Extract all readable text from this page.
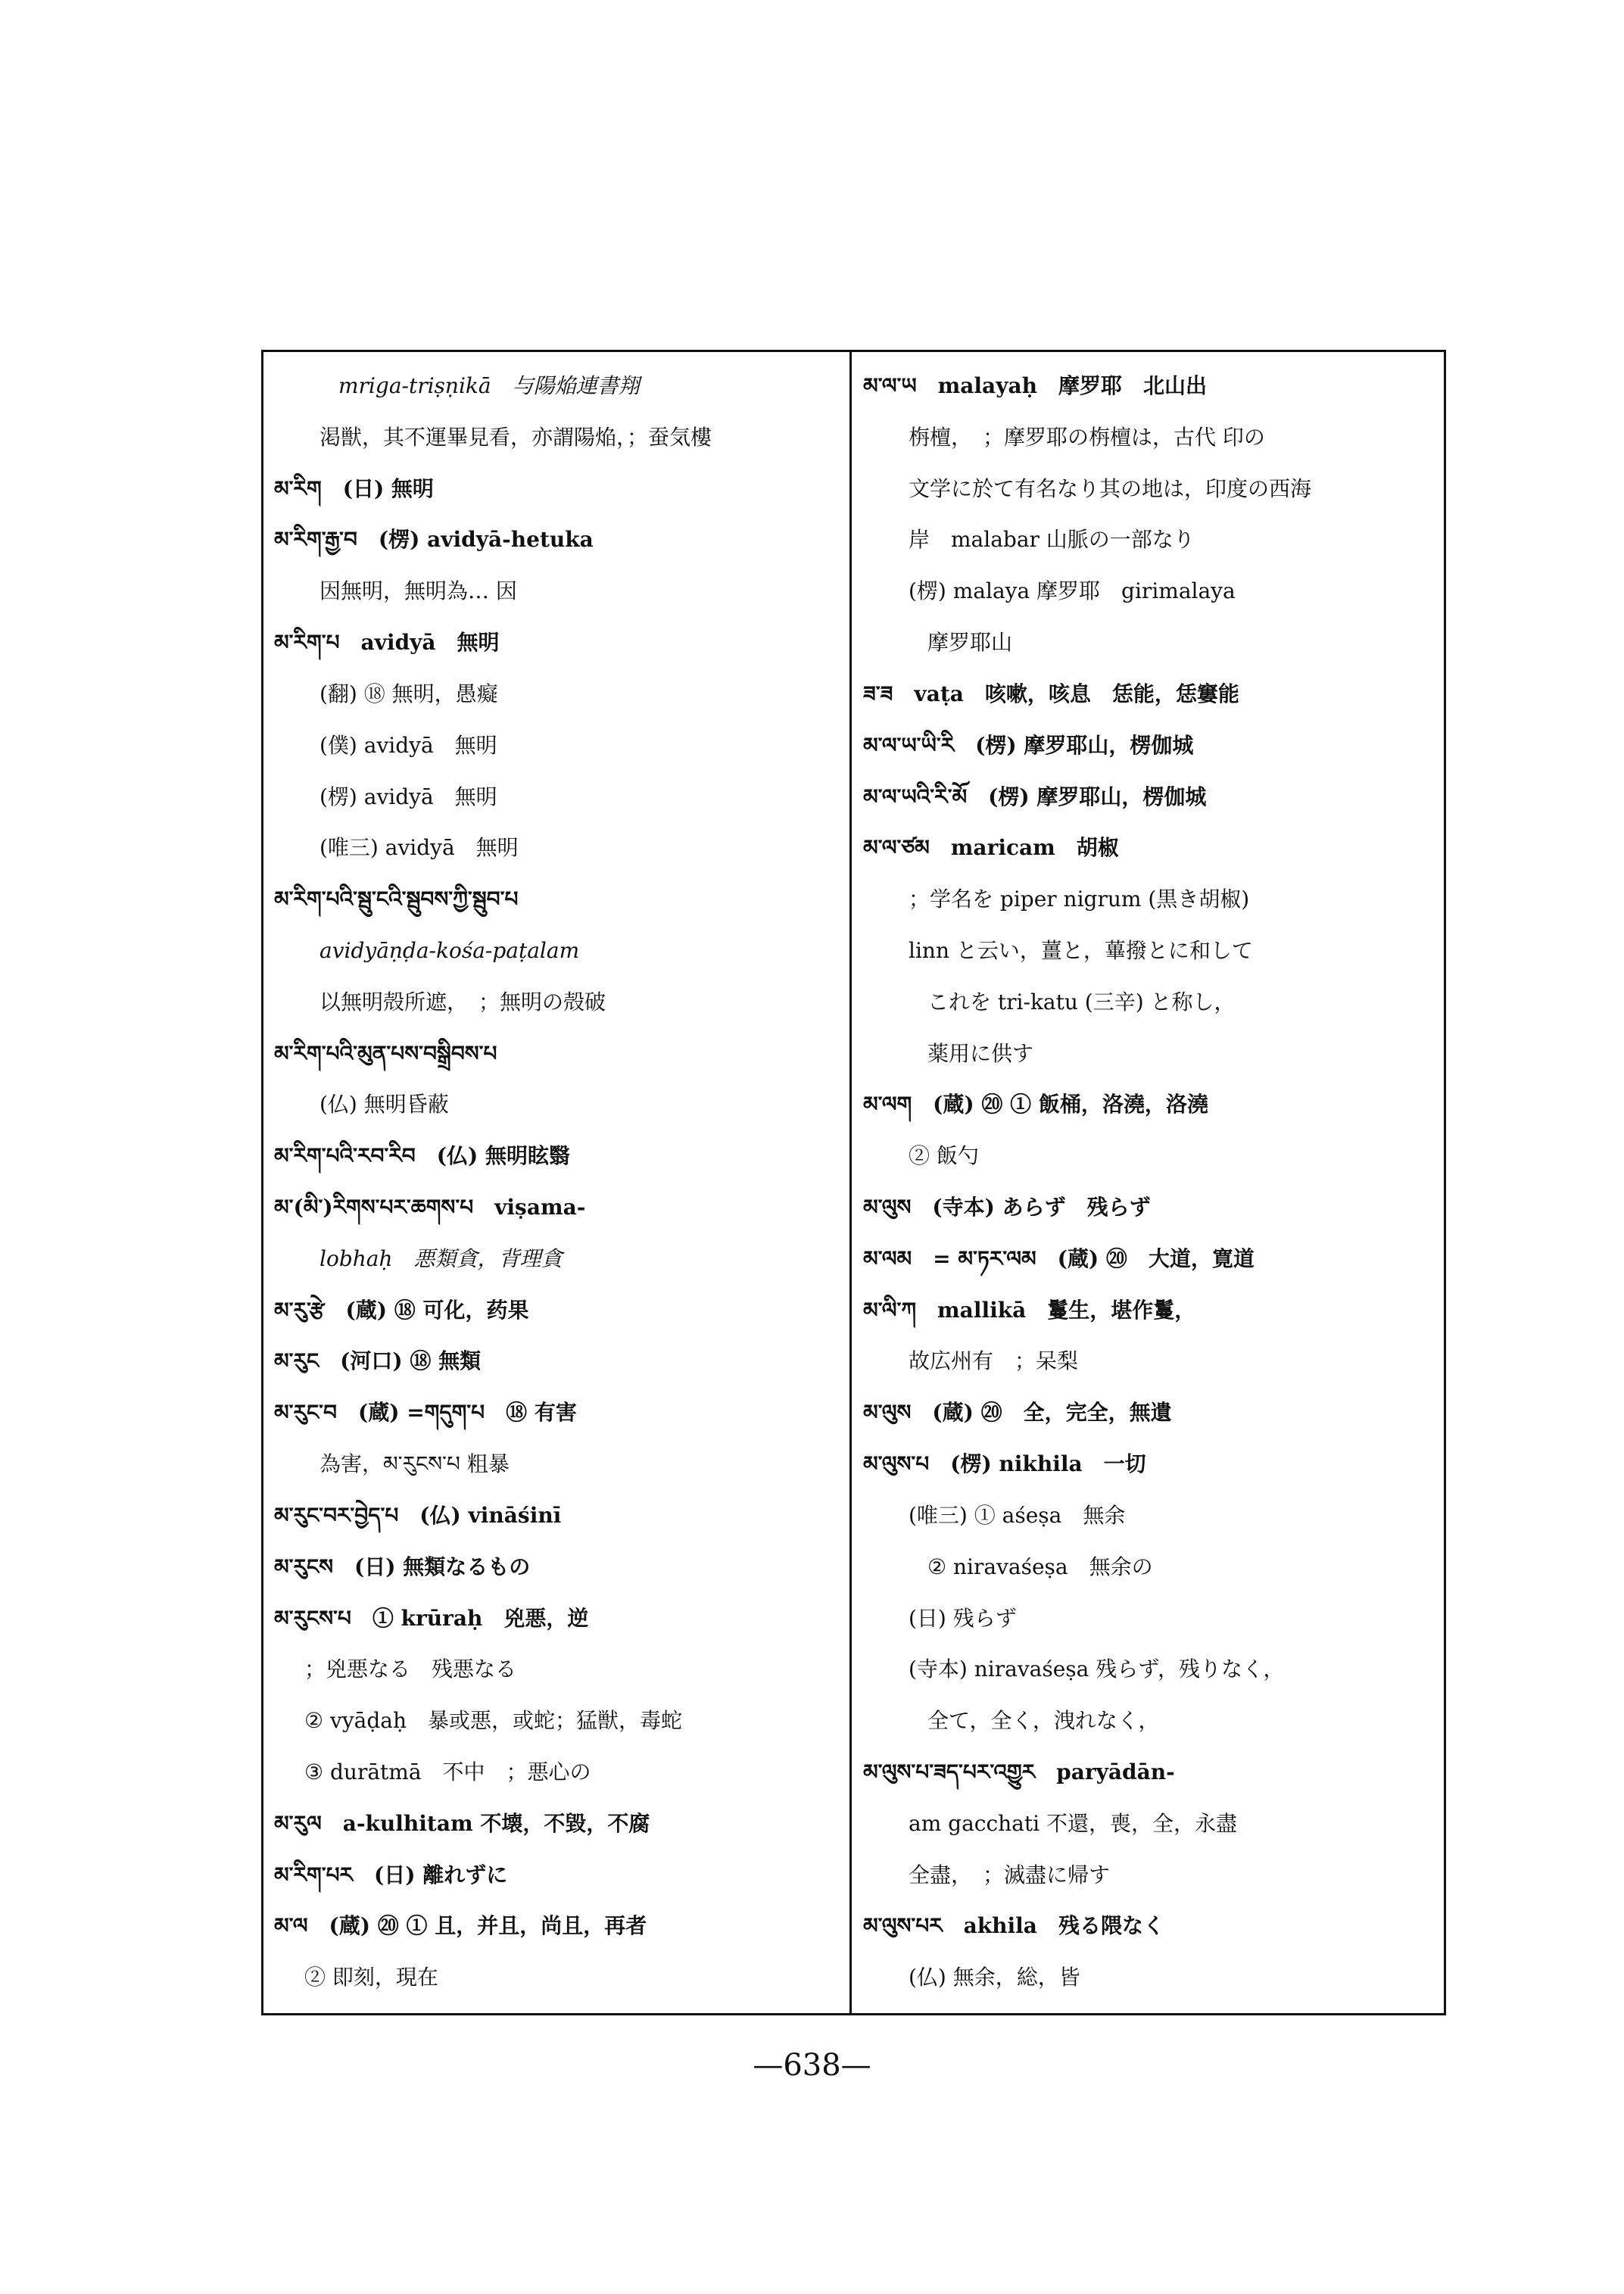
mriga-triṣṇikā　与陽焔連書翔
渇獣，其不運畢見看，亦謂陽焔，；蚕気樓
མ་རིག　(日) 無明
མ་རིག་རྒྱ་བ　(楞) avidyā-hetuka
因無明，無明為… 因
མ་རིག་པ　avidyā　無明
(翻) ⑱ 無明，愚癡
(僕) avidyā　無明
(楞) avidyā　無明
(唯三) avidyā　無明
མ་རིག་པའི་སྦུ་ངའི་སྦུབས་ཀྱི་སྦུབ་པ
avidyāṇḍa-kośa-paṭalam
以無明殻所遮，　；無明の殻破
མ་རིག་པའི་མུན་པས་བསྒྲིབས་པ
(仏) 無明昏蔽
མ་རིག་པའི་རབ་རིབ　(仏) 無明眩翳
མ་(མི་)རིགས་པར་ཆགས་པ　viṣama-
lobhaḥ　悪類貪，背理貪
མ་རུ་རྩེ　(蔵) ⑱ 可化，药果
མ་རུང　(河口) ⑱ 無類
མ་རུང་བ　(蔵) =གདུག་པ　⑱ 有害
為害，མ་རུངས་པ 粗暴
མ་རུང་བར་བྱེད་པ　(仏) vināśinī
མ་རུངས　(日) 無類なるもの
མ་རུངས་པ　① krūraḥ　兇悪，逆
；兇悪なる　残悪なる
② vyāḍaḥ　暴或悪，或蛇；猛獣，毒蛇
③ durātmā　不中　；悪心の
མ་རུལ　a-kulhitam 不壊，不毀，不腐
མ་རིག་པར　(日) 離れずに
མ་ལ　(蔵) ⑳ ① 且，并且，尚且，再者
② 即刻，現在
མ་ལ་ཡ　malayaḥ　摩罗耶　北山出
栴檀，　；摩罗耶の栴檀は，古代 印の
文学に於て有名なり其の地は，印度の西海
岸　malabar 山脈の一部なり
(楞) malaya 摩罗耶　girimalaya
摩罗耶山
ཟ་ཟ　vaṭa　咳嗽，咳息　恁能，恁窶能
མ་ལ་ཡ་ཡི་རི　(楞) 摩罗耶山，楞伽城
མ་ལ་ཡའི་རི་མོ　(楞) 摩罗耶山，楞伽城
མ་ལ་ཙམ　maricam　胡椒
；学名を piper nigrum (黒き胡椒)
linn と云い，薑と，蓽撥とに和して
これを tri-katu (三辛) と称し，
薬用に供す
མ་ལག　(蔵) ⑳ ① 飯桶，洛澆，洛澆
② 飯勺
མ་ལུས　(寺本) あらず　残らず
མ་ལམ　= མ་ཏར་ལམ　(蔵) ⑳　大道，寛道
མ་ལི་ཀ　mallikā　鬘生，堪作鬘，
故広州有　；呆梨
མ་ལུས　(蔵) ⑳　全，完全，無遺
མ་ལུས་པ　(楞) nikhila　一切
(唯三) ① aśeṣa　無余
② niravaśeṣa　無余の
(日) 残らず
(寺本) niravaśeṣa 残らず，残りなく，
全て，全く，洩れなく，
མ་ལུས་པ་ཟད་པར་འགྱུར　paryādān-
am gacchati 不還，喪，全，永盡
全盡，　；滅盡に帰す
མ་ལུས་པར　akhila　残る隈なく
(仏) 無余，総，皆
—638—
